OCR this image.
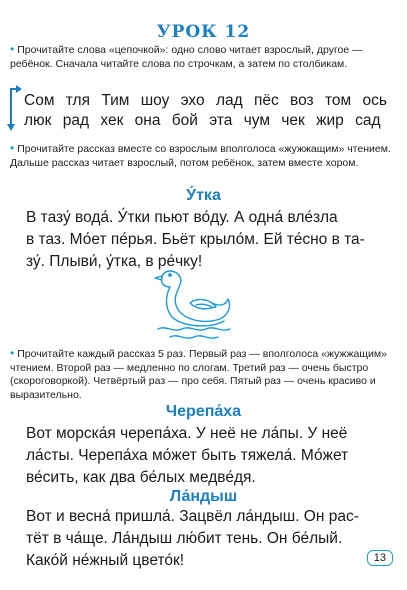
УРОК 12
• Прочитайте слова «цепочкой»: одно слово читает взрослый, другое — ребёнок. Сначала читайте слова по строчкам, а затем по столбикам.
Сом тля Тим шоу эхо лад пёс воз том ось
люк рад хек она бой эта чум чек жир сад
• Прочитайте рассказ вместе со взрослым вполголоса «жужжащим» чтением. Дальше рассказ читает взрослый, потом ребёнок, затем вместе хором.
У́тка
В тазу́ вода́. У́тки пьют во́ду. А одна́ вле́зла
в таз. Мо́ет пе́рья. Бьёт крыло́м. Ей те́сно в та-
зу́. Плыви́, у́тка, в ре́чку!
• Прочитайте каждый рассказ 5 раз. Первый раз — вполголоса «жужжащим» чтением. Второй раз — медленно по слогам. Третий раз — очень быстро (скороговоркой). Четвёртый раз — про себя. Пятый раз — очень красиво и выразительно.
Черепа́ха
Вот морска́я черепа́ха. У неё не ла́пы. У неё
ла́сты. Черепа́ха мо́жет быть тяжела́. Мо́жет
ве́сить, как два бе́лых медве́дя.
Ла́ндыш
Вот и весна́ пришла́. Зацвёл ла́ндыш. Он рас-
тёт в ча́ще. Ла́ндыш лю́бит тень. Он бе́лый.
Како́й не́жный цвето́к!	13
